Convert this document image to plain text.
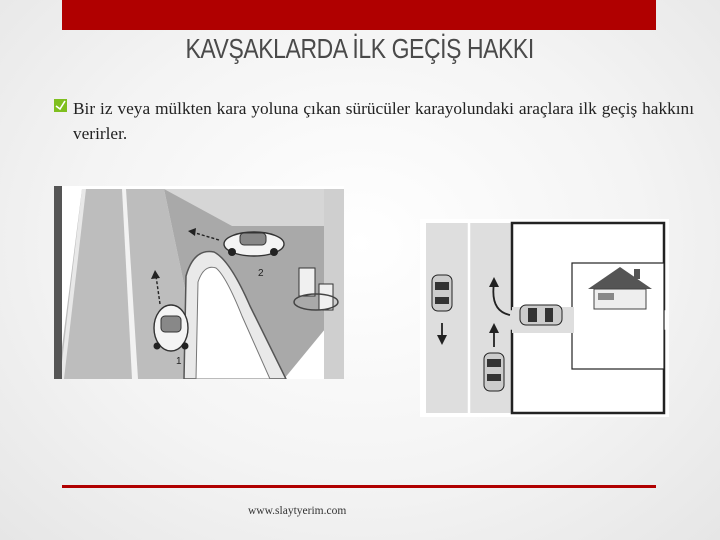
KAVŞAKLARDA İLK GEÇİŞ HAKKI
Bir iz veya mülkten kara yoluna çıkan sürücüler karayolundaki araçlara ilk geçiş hakkını verirler.
2
1
www.slaytyerim.com
